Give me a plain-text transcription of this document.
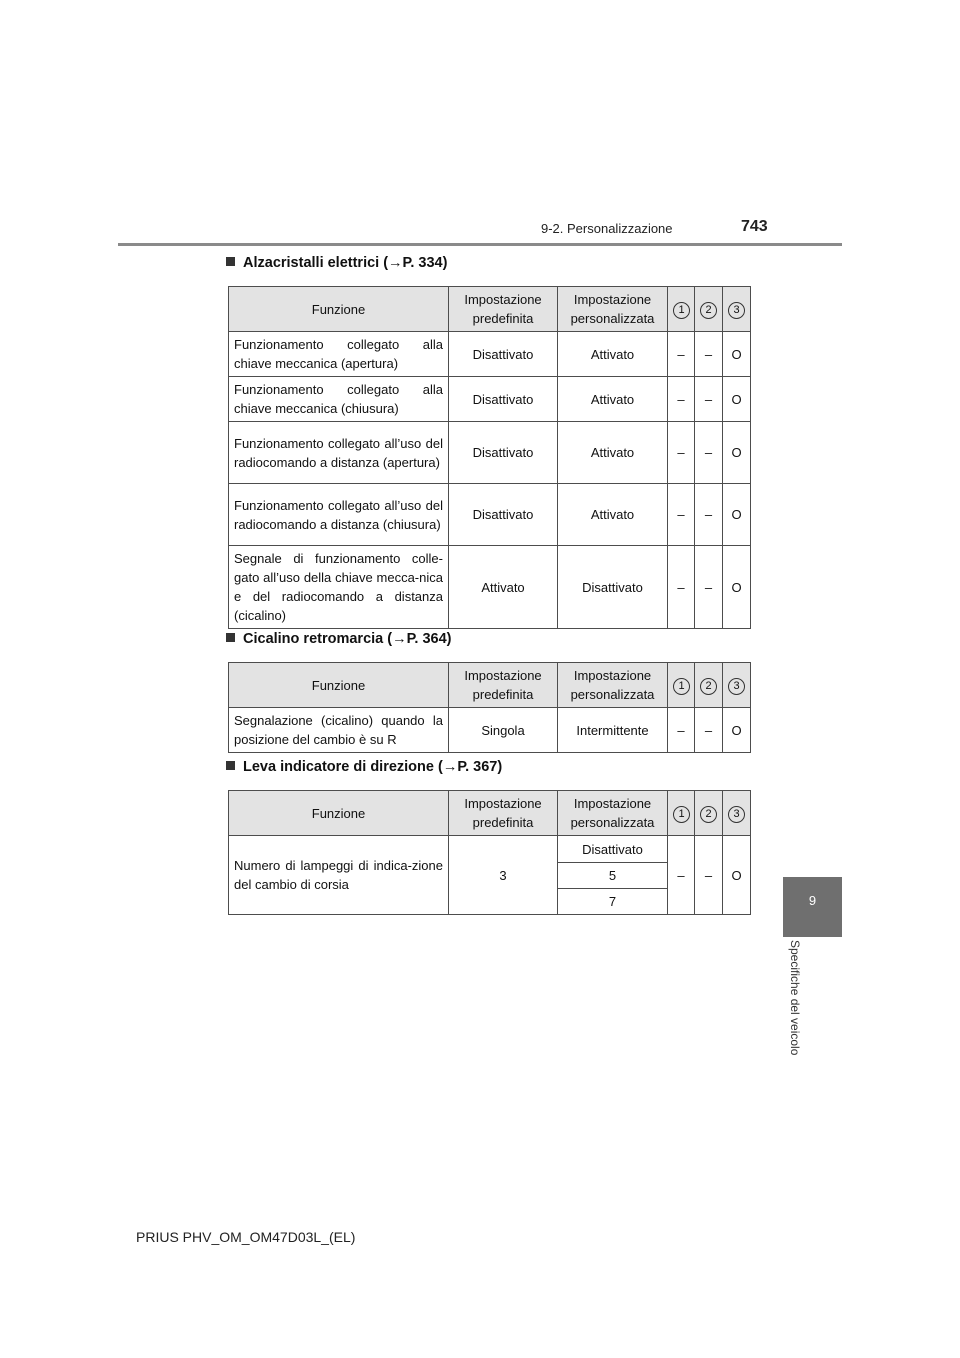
9-2. Personalizzazione	743
9
Specifiche del veicolo
Alzacristalli elettrici (→P. 334)
Funzione	Impostazione predefinita	Impostazione personalizzata	1	2	3
Funzionamento collegato alla chiave meccanica (apertura)	Disattivato	Attivato	–	–	O
Funzionamento collegato alla chiave meccanica (chiusura)	Disattivato	Attivato	–	–	O
Funzionamento collegato all’uso del radiocomando a distanza (apertura)	Disattivato	Attivato	–	–	O
Funzionamento collegato all’uso del radiocomando a distanza (chiusura)	Disattivato	Attivato	–	–	O
Segnale di funzionamento colle-gato all’uso della chiave mecca-nica e del radiocomando a distanza (cicalino)	Attivato	Disattivato	–	–	O
Cicalino retromarcia (→P. 364)
Funzione	Impostazione predefinita	Impostazione personalizzata	1	2	3
Segnalazione (cicalino) quando la posizione del cambio è su R	Singola	Intermittente	–	–	O
Leva indicatore di direzione (→P. 367)
Funzione	Impostazione predefinita	Impostazione personalizzata	1	2	3
Numero di lampeggi di indica-zione del cambio di corsia	3	Disattivato	–	–	O
		5			
		7			
PRIUS PHV_OM_OM47D03L_(EL)
